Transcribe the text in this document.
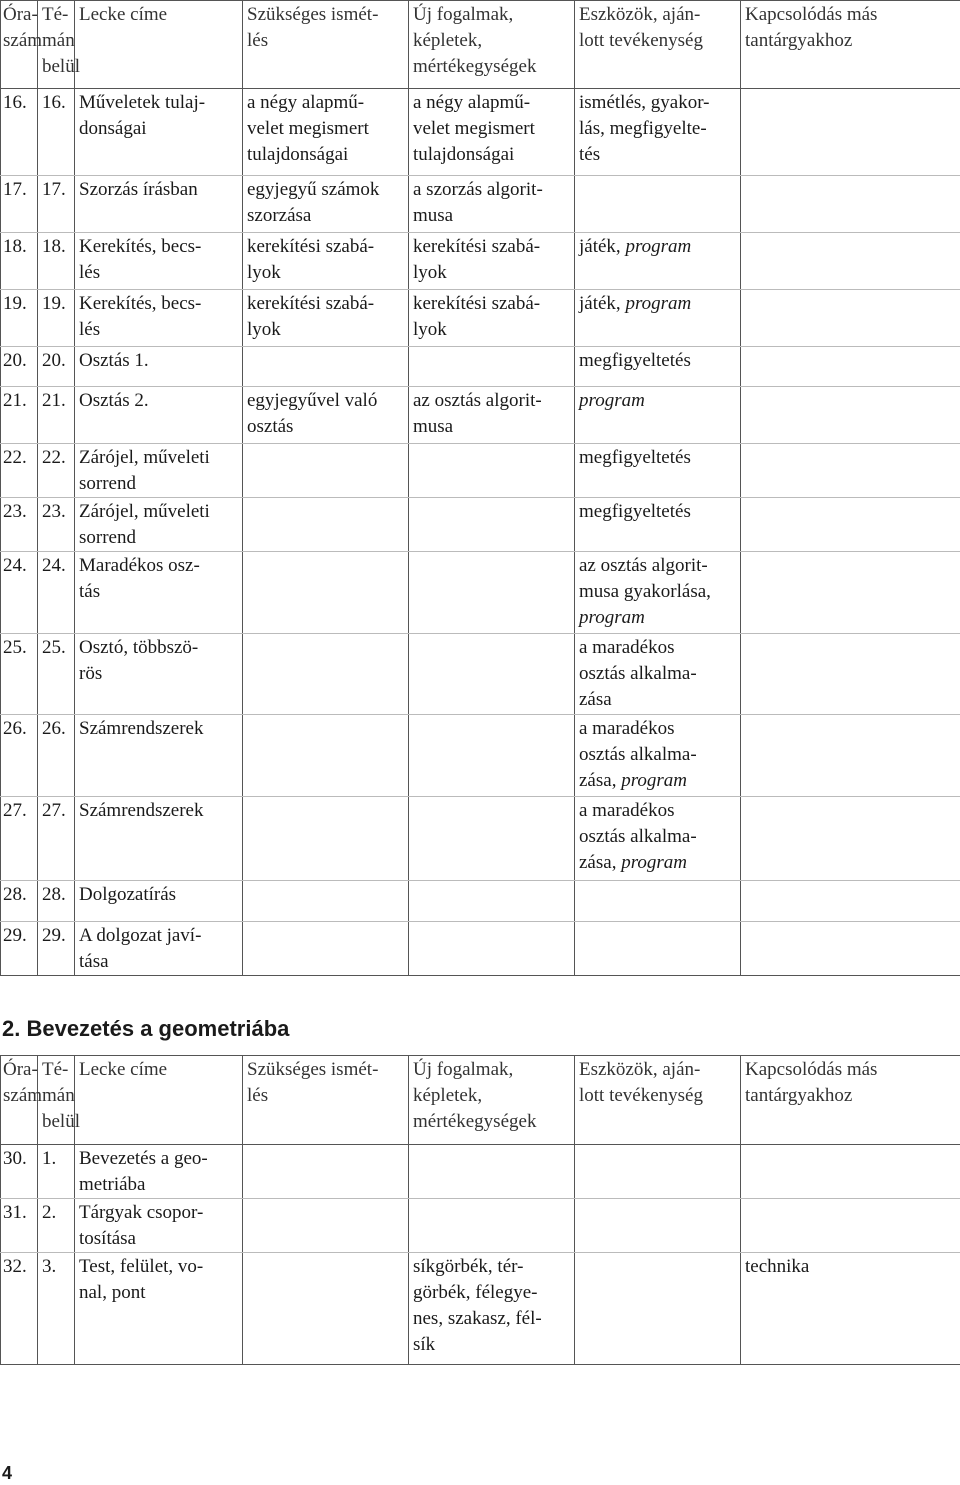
Óra-
szám	Té-
mán
belül	Lecke címe	Szükséges ismét-
lés	Új fogalmak,
képletek,
mértékegységek	Eszközök, aján-
lott tevékenység	Kapcsolódás más
tantárgyakhoz
16.	16.	Műveletek tulaj-
donságai	a négy alapmű-
velet megismert
tulajdonságai	a négy alapmű-
velet megismert
tulajdonságai	ismétlés, gyakor-
lás, megfigyelte-
tés	
17.	17.	Szorzás írásban	egyjegyű számok
szorzása	a szorzás algorit-
musa		
18.	18.	Kerekítés, becs-
lés	kerekítési szabá-
lyok	kerekítési szabá-
lyok	játék, program	
19.	19.	Kerekítés, becs-
lés	kerekítési szabá-
lyok	kerekítési szabá-
lyok	játék, program	
20.	20.	Osztás 1.			megfigyeltetés	
21.	21.	Osztás 2.	egyjegyűvel való
osztás	az osztás algorit-
musa	program	
22.	22.	Zárójel, műveleti
sorrend			megfigyeltetés	
23.	23.	Zárójel, műveleti
sorrend			megfigyeltetés	
24.	24.	Maradékos osz-
tás			az osztás algorit-
musa gyakorlása,
program	
25.	25.	Osztó, többszö-
rös			a maradékos
osztás alkalma-
zása	
26.	26.	Számrendszerek			a maradékos
osztás alkalma-
zása, program	
27.	27.	Számrendszerek			a maradékos
osztás alkalma-
zása, program	
28.	28.	Dolgozatírás				
29.	29.	A dolgozat javí-
tása				
2. Bevezetés a geometriába
Óra-
szám	Té-
mán
belül	Lecke címe	Szükséges ismét-
lés	Új fogalmak,
képletek,
mértékegységek	Eszközök, aján-
lott tevékenység	Kapcsolódás más
tantárgyakhoz
30.	1.	Bevezetés a geo-
metriába				
31.	2.	Tárgyak csopor-
tosítása				
32.	3.	Test, felület, vo-
nal, pont		síkgörbék, tér-
görbék, félegye-
nes, szakasz, fél-
sík		technika
4
